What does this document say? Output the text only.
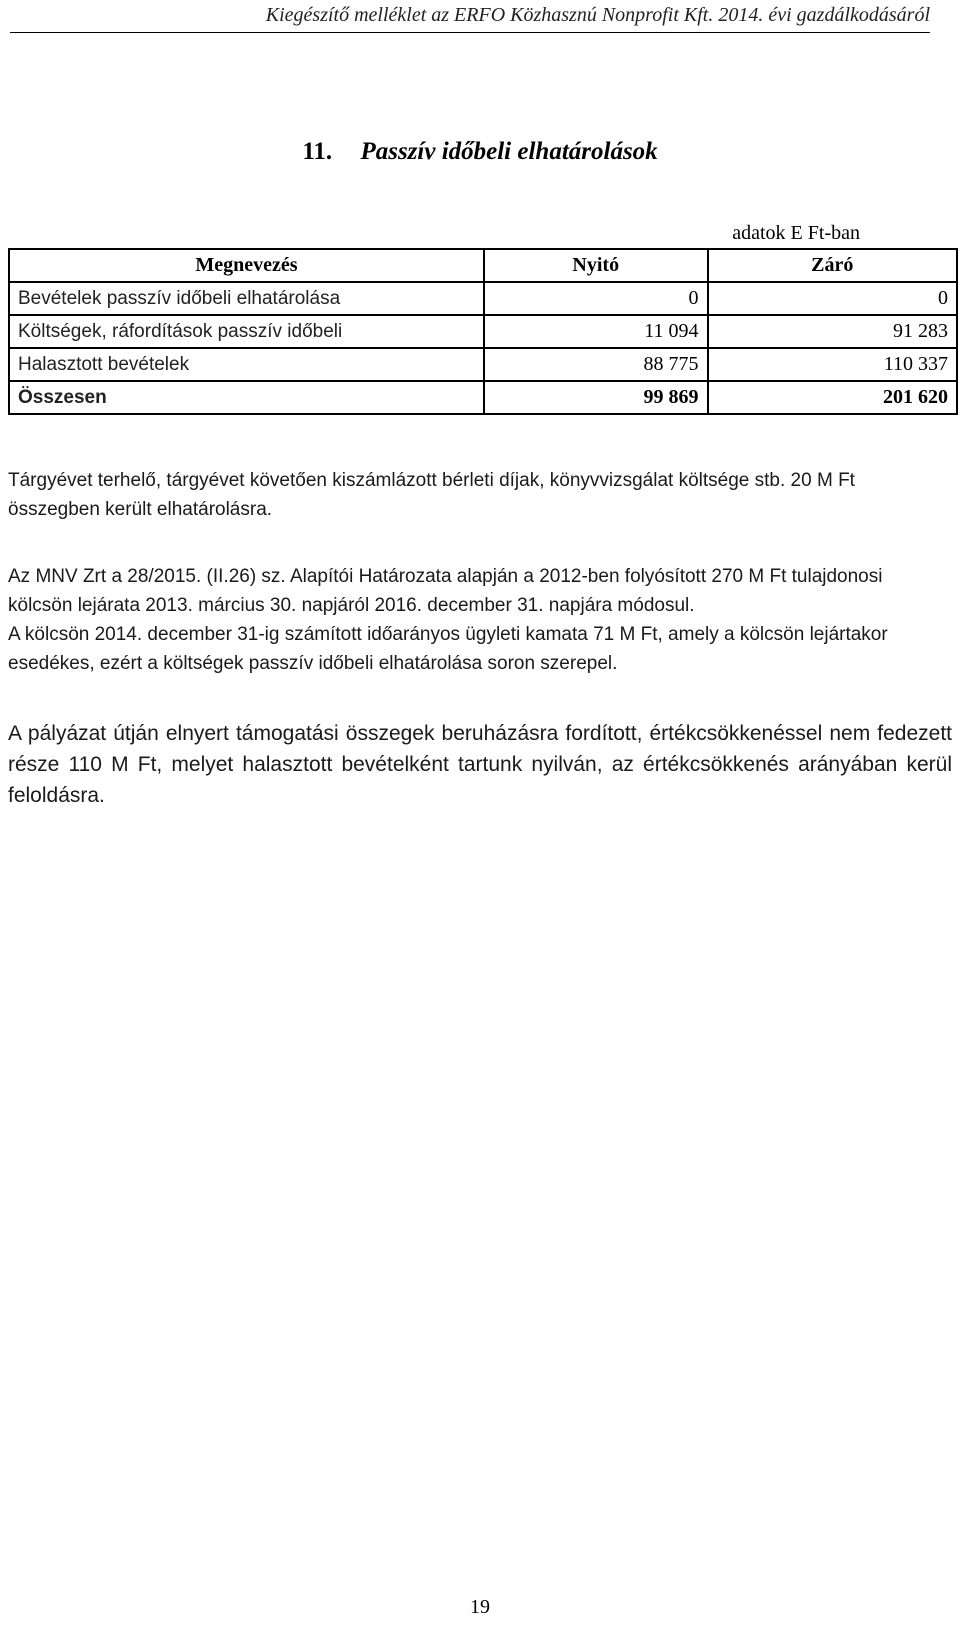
Kiegészítő melléklet az ERFO Közhasznú Nonprofit Kft. 2014. évi gazdálkodásáról
11. Passzív időbeli elhatárolások
adatok E Ft-ban
Megnevezés	Nyitó	Záró
Bevételek passzív időbeli elhatárolása	0	0
Költségek, ráfordítások passzív időbeli	11 094	91 283
Halasztott bevételek	88 775	110 337
Összesen	99 869	201 620
Tárgyévet terhelő, tárgyévet követően kiszámlázott bérleti díjak, könyvvizsgálat költsége stb. 20 M Ft összegben került elhatárolásra.
Az MNV Zrt a 28/2015. (II.26) sz. Alapítói Határozata alapján a 2012-ben folyósított 270 M Ft tulajdonosi kölcsön lejárata 2013. március 30. napjáról 2016. december 31. napjára módosul.
A kölcsön 2014. december 31-ig számított időarányos ügyleti kamata 71 M Ft, amely a kölcsön lejártakor esedékes, ezért a költségek passzív időbeli elhatárolása soron szerepel.
A pályázat útján elnyert támogatási összegek beruházásra fordított, értékcsökkenéssel nem fedezett része 110 M Ft, melyet halasztott bevételként tartunk nyilván, az értékcsökkenés arányában kerül feloldásra.
19
